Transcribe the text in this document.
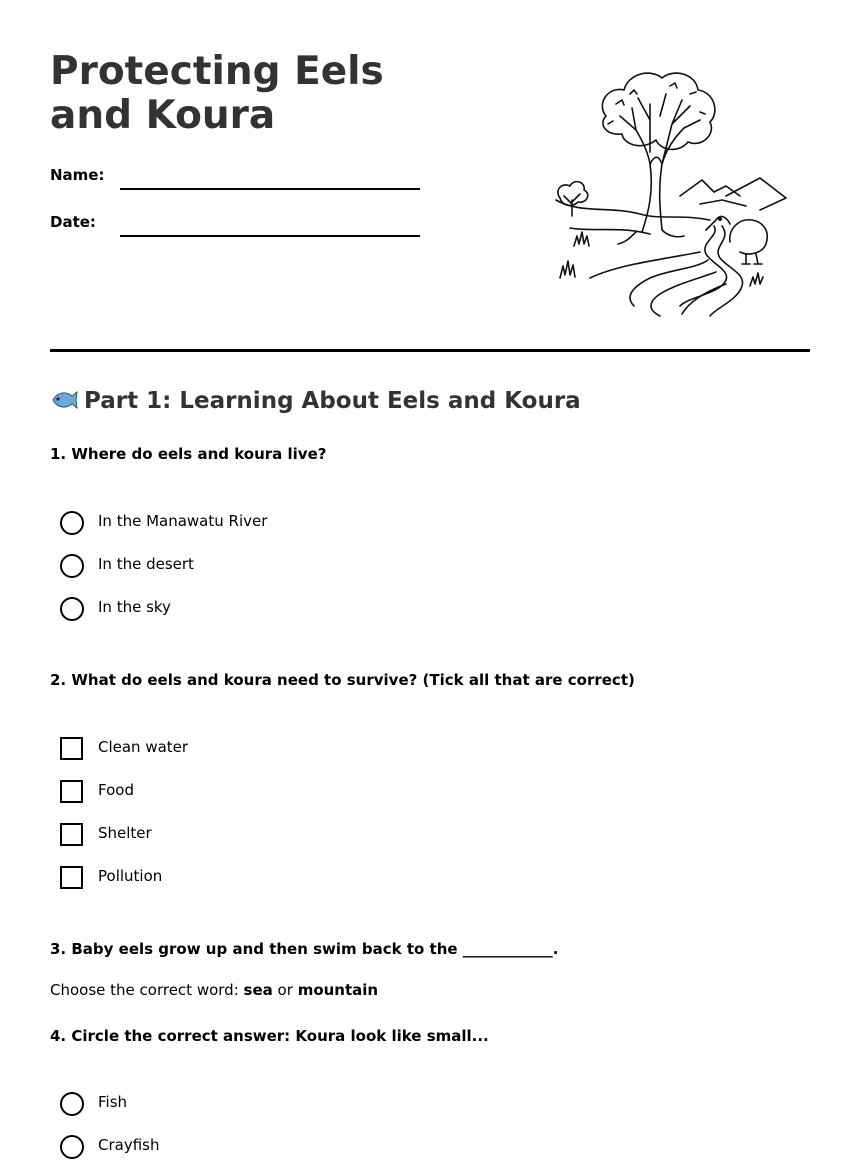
Protecting Eels and Koura
Name:
Date:
Part 1: Learning About Eels and Koura
1. Where do eels and koura live?
In the Manawatu River
In the desert
In the sky
2. What do eels and koura need to survive? (Tick all that are correct)
Clean water
Food
Shelter
Pollution
3. Baby eels grow up and then swim back to the ____________.
Choose the correct word: sea or mountain
4. Circle the correct answer: Koura look like small...
Fish
Crayfish
